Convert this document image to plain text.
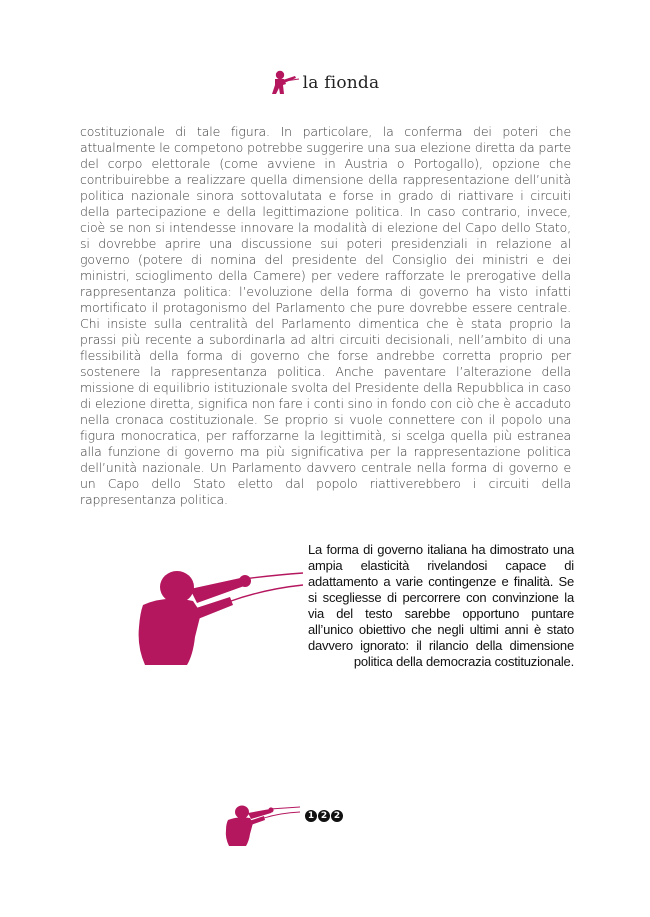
la fionda

costituzionale di tale figura. In particolare, la conferma dei poteri che attualmente le competono potrebbe suggerire una sua elezione diretta da parte del corpo elettorale (come avviene in Austria o Portogallo), opzione che contribuirebbe a realizzare quella dimensione della rappresentazione dell’unità politica nazionale sinora sottovalutata e forse in grado di riattivare i circuiti della partecipazione e della legittimazione politica. In caso contrario, invece, cioè se non si intendesse innovare la modalità di elezione del Capo dello Stato, si dovrebbe aprire una discussione sui poteri presidenziali in relazione al governo (potere di nomina del presidente del Consiglio dei ministri e dei ministri, scioglimento della Camere) per vedere rafforzate le prerogative della rappresentanza politica: l’evoluzione della forma di governo ha visto infatti mortificato il protagonismo del Parlamento che pure dovrebbe essere centrale. Chi insiste sulla centralità del Parlamento dimentica che è stata proprio la prassi più recente a subordinarla ad altri circuiti decisionali, nell’ambito di una flessibilità della forma di governo che forse andrebbe corretta proprio per sostenere la rappresentanza politica. Anche paventare l’alterazione della missione di equilibrio istituzionale svolta del Presidente della Repubblica in caso di elezione diretta, significa non fare i conti sino in fondo con ciò che è accaduto nella cronaca costituzionale. Se proprio si vuole connettere con il popolo una figura monocratica, per rafforzarne la legittimità, si scelga quella più estranea alla funzione di governo ma più significativa per la rappresentazione politica dell’unità nazionale. Un Parlamento davvero centrale nella forma di governo e un Capo dello Stato eletto dal popolo riattiverebbero i circuiti della rappresentanza politica.

La forma di governo italiana ha dimostrato una ampia elasticità rivelandosi capace di adattamento a varie contingenze e finalità. Se si scegliesse di percorrere con convinzione la via del testo sarebbe opportuno puntare all’unico obiettivo che negli ultimi anni è stato davvero ignorato: il rilancio della dimensione politica della democrazia costituzionale.

1 2 2
